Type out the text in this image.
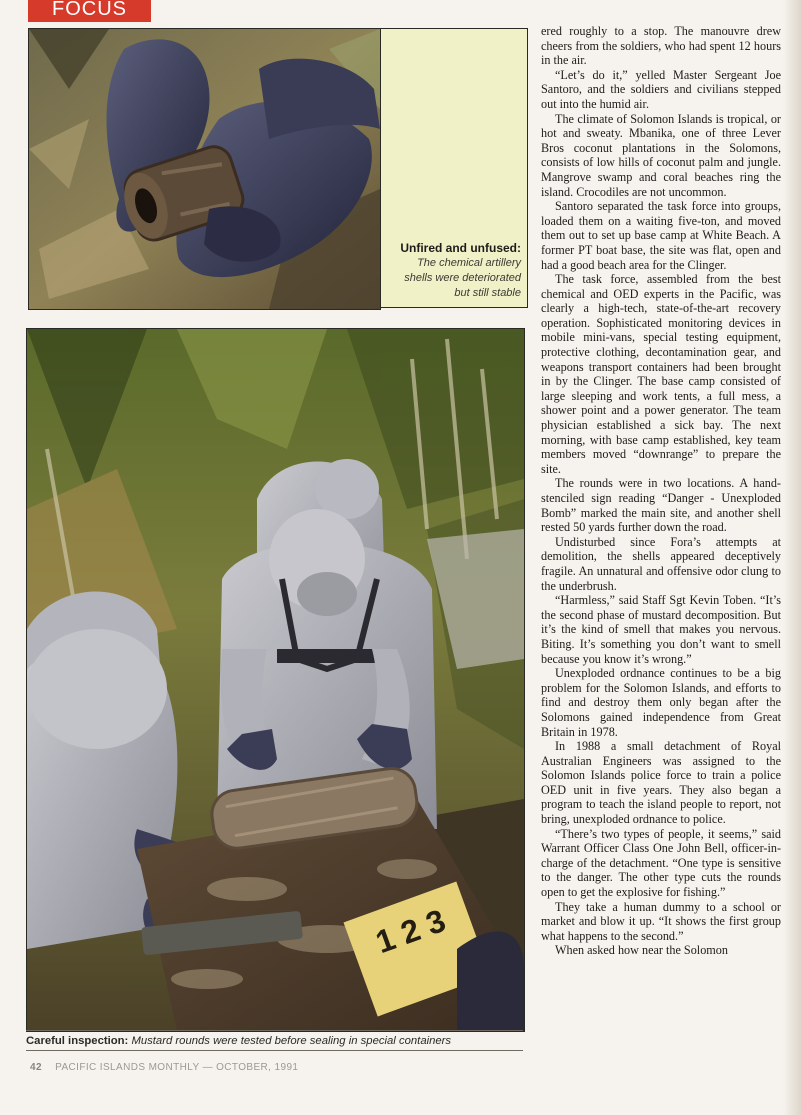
FOCUS
Unfired and unfused:
The chemical artillery shells were deteriorated but still stable
1 2 3
Careful inspection: Mustard rounds were tested before sealing in special containers

ered roughly to a stop. The manouvre drew cheers from the soldiers, who had spent 12 hours in the air.

“Let’s do it,” yelled Master Sergeant Joe Santoro, and the soldiers and civilians stepped out into the humid air.

The climate of Solomon Islands is tropical, or hot and sweaty. Mbanika, one of three Lever Bros coconut plantations in the Solomons, consists of low hills of coconut palm and jungle. Mangrove swamp and coral beaches ring the island. Crocodiles are not uncommon.

Santoro separated the task force into groups, loaded them on a waiting five-ton, and moved them out to set up base camp at White Beach. A former PT boat base, the site was flat, open and had a good beach area for the Clinger.

The task force, assembled from the best chemical and OED experts in the Pacific, was clearly a high-tech, state-of-the-art recovery operation. Sophisticated monitoring devices in mobile mini-vans, special testing equipment, protective clothing, decontamination gear, and weapons transport containers had been brought in by the Clinger. The base camp consisted of large sleeping and work tents, a full mess, a shower point and a power generator. The team physician established a sick bay. The next morning, with base camp established, key team members moved “downrange” to prepare the site.

The rounds were in two locations. A hand-stenciled sign reading “Danger - Unexploded Bomb” marked the main site, and another shell rested 50 yards further down the road.

Undisturbed since Fora’s attempts at demolition, the shells appeared deceptively fragile. An unnatural and offensive odor clung to the underbrush.

“Harmless,” said Staff Sgt Kevin Toben. “It’s the second phase of mustard decomposition. But it’s the kind of smell that makes you nervous. Biting. It’s something you don’t want to smell because you know it’s wrong.”

Unexploded ordnance continues to be a big problem for the Solomon Islands, and efforts to find and destroy them only began after the Solomons gained independence from Great Britain in 1978.

In 1988 a small detachment of Royal Australian Engineers was assigned to the Solomon Islands police force to train a police OED unit in five years. They also began a program to teach the island people to report, not bring, unexploded ordnance to police.

“There’s two types of people, it seems,” said Warrant Officer Class One John Bell, officer-in-charge of the detachment. “One type is sensitive to the danger. The other type cuts the rounds open to get the explosive for fishing.”

They take a human dummy to a school or market and blow it up. “It shows the first group what happens to the second.”

When asked how near the Solomon

42 PACIFIC ISLANDS MONTHLY — OCTOBER, 1991
